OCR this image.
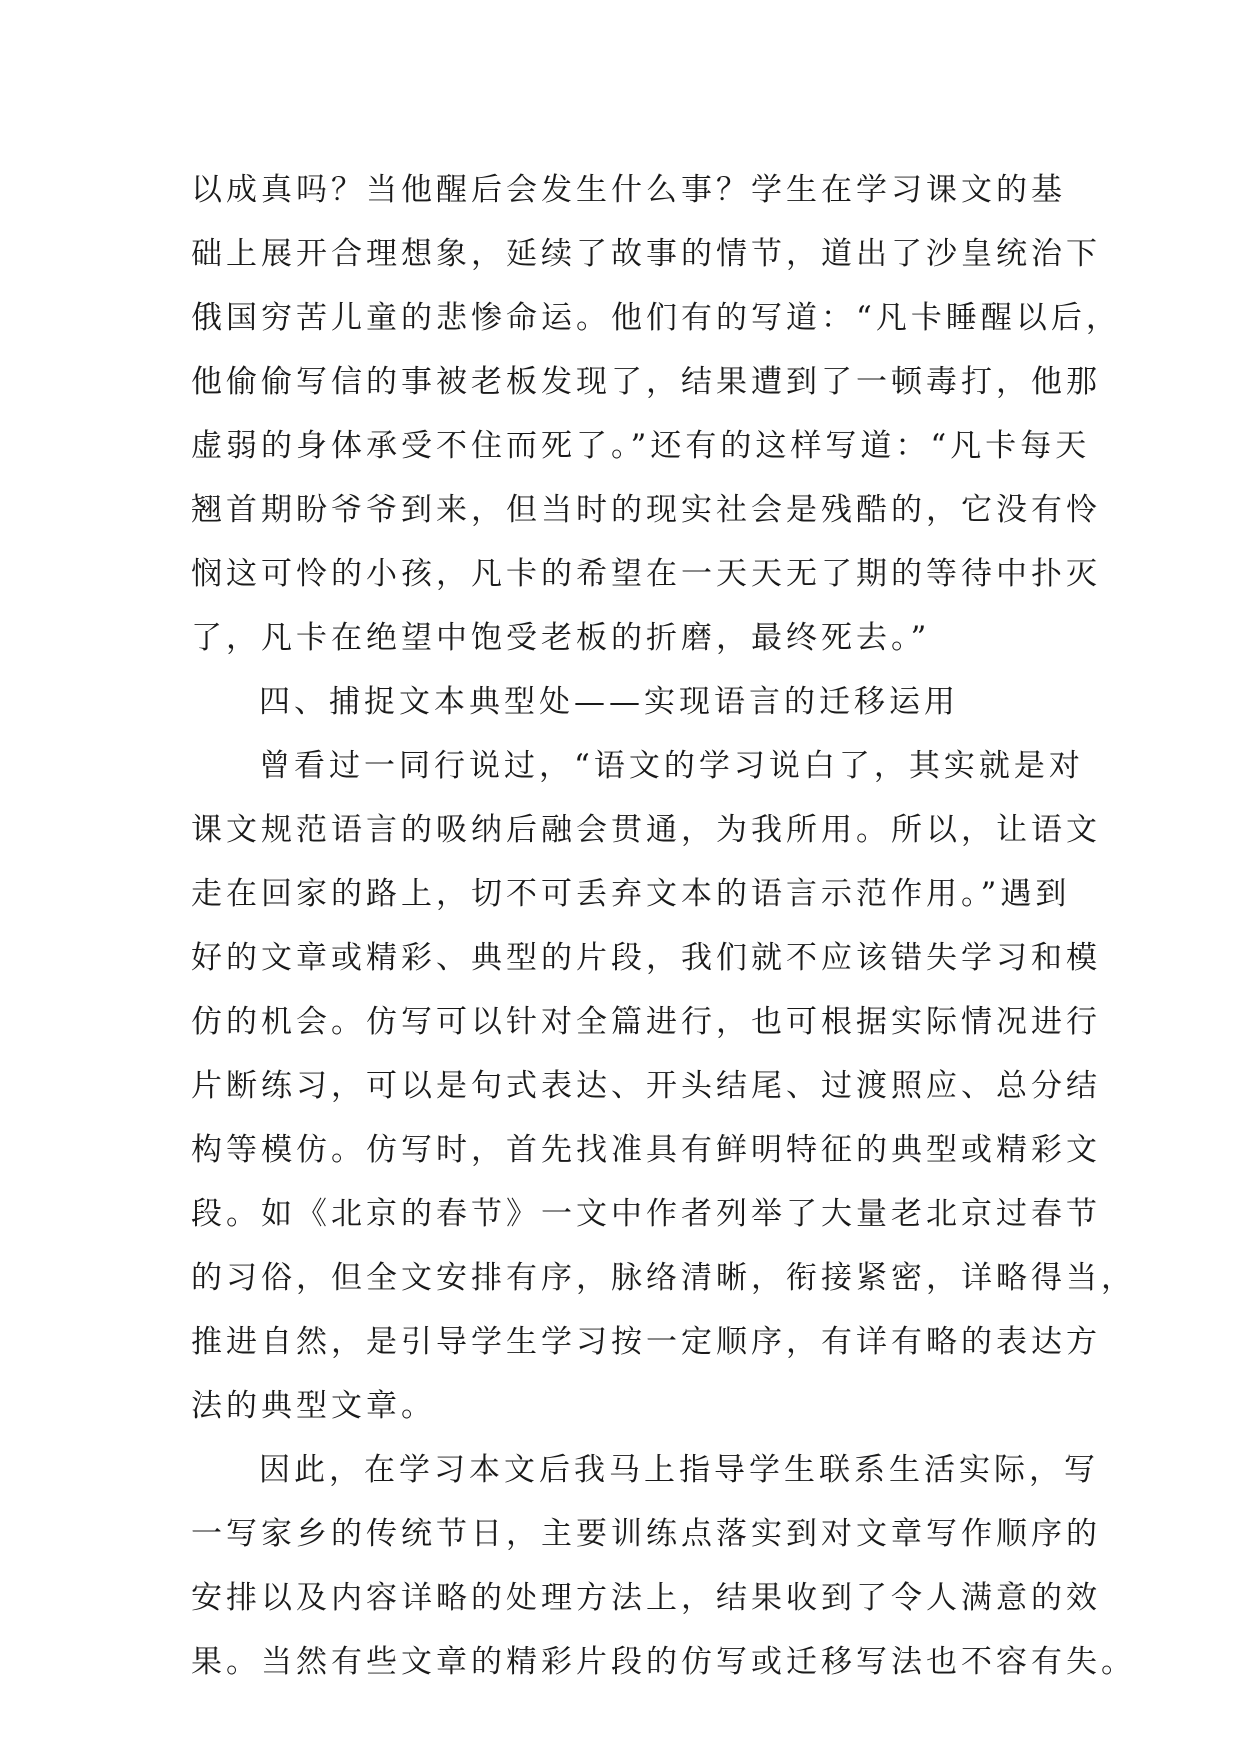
以成真吗？当他醒后会发生什么事？学生在学习课文的基
础上展开合理想象，延续了故事的情节，道出了沙皇统治下
俄国穷苦儿童的悲惨命运。他们有的写道：“凡卡睡醒以后，
他偷偷写信的事被老板发现了，结果遭到了一顿毒打，他那
虚弱的身体承受不住而死了。”还有的这样写道：“凡卡每天
翘首期盼爷爷到来，但当时的现实社会是残酷的，它没有怜
悯这可怜的小孩，凡卡的希望在一天天无了期的等待中扑灭
了，凡卡在绝望中饱受老板的折磨，最终死去。”
四、捕捉文本典型处——实现语言的迁移运用
曾看过一同行说过，“语文的学习说白了，其实就是对
课文规范语言的吸纳后融会贯通，为我所用。所以，让语文
走在回家的路上，切不可丢弃文本的语言示范作用。”遇到
好的文章或精彩、典型的片段，我们就不应该错失学习和模
仿的机会。仿写可以针对全篇进行，也可根据实际情况进行
片断练习，可以是句式表达、开头结尾、过渡照应、总分结
构等模仿。仿写时，首先找准具有鲜明特征的典型或精彩文
段。如《北京的春节》一文中作者列举了大量老北京过春节
的习俗，但全文安排有序，脉络清晰，衔接紧密，详略得当，
推进自然，是引导学生学习按一定顺序，有详有略的表达方
法的典型文章。
因此，在学习本文后我马上指导学生联系生活实际，写
一写家乡的传统节日，主要训练点落实到对文章写作顺序的
安排以及内容详略的处理方法上，结果收到了令人满意的效
果。当然有些文章的精彩片段的仿写或迁移写法也不容有失。
